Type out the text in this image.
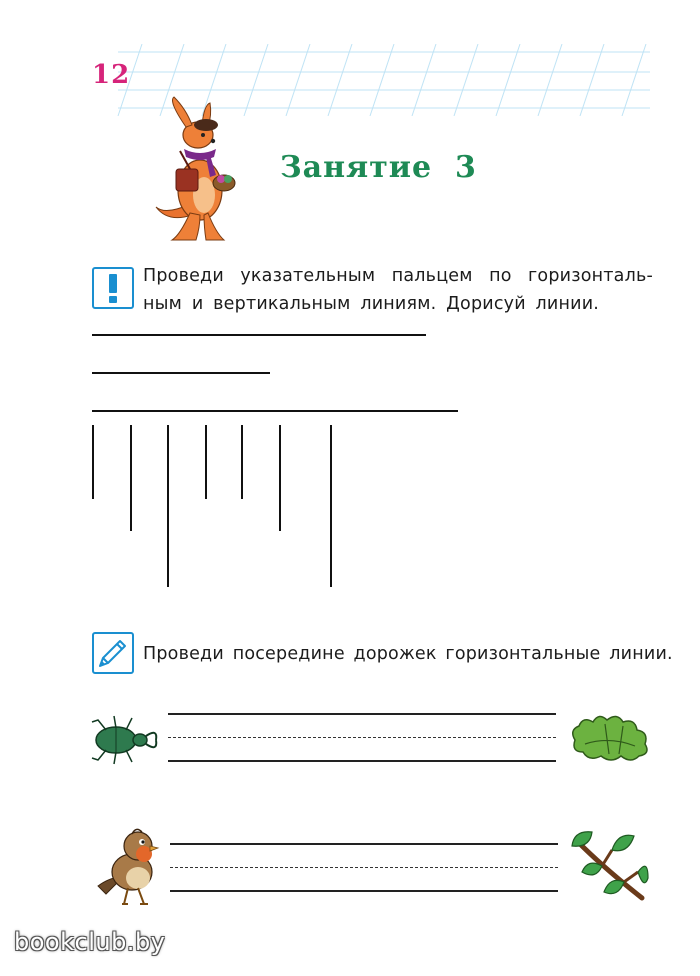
12
Занятие  3
Проведи указательным пальцем по горизонталь-
ным и вертикальным линиям. Дорисуй линии.
Проведи посередине дорожек горизонтальные линии.
bookclub.by
